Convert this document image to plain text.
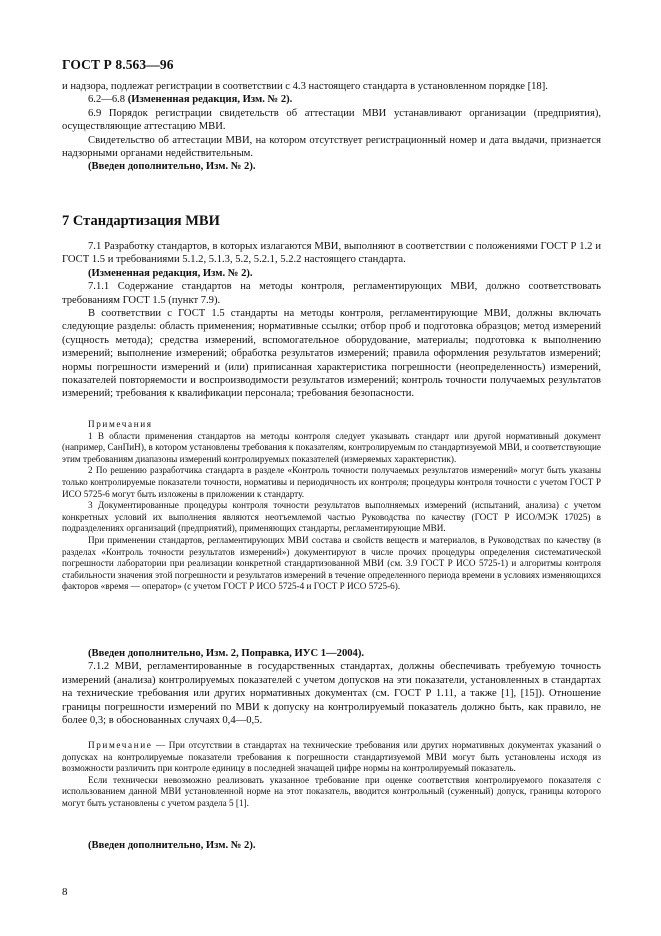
ГОСТ Р 8.563—96

и надзора, подлежат регистрации в соответствии с 4.3 настоящего стандарта в установленном порядке [18].

6.2—6.8 (Измененная редакция, Изм. № 2).

6.9 Порядок регистрации свидетельств об аттестации МВИ устанавливают организации (предприятия), осуществляющие аттестацию МВИ.

Свидетельство об аттестации МВИ, на котором отсутствует регистрационный номер и дата выдачи, признается надзорными органами недействительным.

(Введен дополнительно, Изм. № 2).

7 Стандартизация МВИ

7.1 Разработку стандартов, в которых излагаются МВИ, выполняют в соответствии с положениями ГОСТ Р 1.2 и ГОСТ 1.5 и требованиями 5.1.2, 5.1.3, 5.2, 5.2.1, 5.2.2 настоящего стандарта.

(Измененная редакция, Изм. № 2).

7.1.1 Содержание стандартов на методы контроля, регламентирующих МВИ, должно соответствовать требованиям ГОСТ 1.5 (пункт 7.9).

В соответствии с ГОСТ 1.5 стандарты на методы контроля, регламентирующие МВИ, должны включать следующие разделы: область применения; нормативные ссылки; отбор проб и подготовка образцов; метод измерений (сущность метода); средства измерений, вспомогательное оборудование, материалы; подготовка к выполнению измерений; выполнение измерений; обработка результатов измерений; правила оформления результатов измерений; нормы погрешности измерений и (или) приписанная характеристика погрешности (неопределенность) измерений, показателей повторяемости и воспроизводимости результатов измерений; контроль точности получаемых результатов измерений; требования к квалификации персонала; требования безопасности.

Примечания

1 В области применения стандартов на методы контроля следует указывать стандарт или другой нормативный документ (например, СанПиН), в котором установлены требования к показателям, контролируемым по стандартизуемой МВИ, и соответствующие этим требованиям диапазоны измерений контролируемых показателей (измеряемых характеристик).

2 По решению разработчика стандарта в разделе «Контроль точности получаемых результатов измерений» могут быть указаны только контролируемые показатели точности, нормативы и периодичность их контроля; процедуры контроля точности с учетом ГОСТ Р ИСО 5725-6 могут быть изложены в приложении к стандарту.

3 Документированные процедуры контроля точности результатов выполняемых измерений (испытаний, анализа) с учетом конкретных условий их выполнения являются неотъемлемой частью Руководства по качеству (ГОСТ Р ИСО/МЭК 17025) в подразделениях организаций (предприятий), применяющих стандарты, регламентирующие МВИ.

При применении стандартов, регламентирующих МВИ состава и свойств веществ и материалов, в Руководствах по качеству (в разделах «Контроль точности результатов измерений») документируют в числе прочих процедуры определения систематической погрешности лаборатории при реализации конкретной стандартизованной МВИ (см. 3.9 ГОСТ Р ИСО 5725-1) и алгоритмы контроля стабильности значения этой погрешности и результатов измерений в течение определенного периода времени в условиях изменяющихся факторов «время — оператор» (с учетом ГОСТ Р ИСО 5725-4 и ГОСТ Р ИСО 5725-6).

(Введен дополнительно, Изм. 2, Поправка, ИУС 1—2004).

7.1.2 МВИ, регламентированные в государственных стандартах, должны обеспечивать требуемую точность измерений (анализа) контролируемых показателей с учетом допусков на эти показатели, установленных в стандартах на технические требования или других нормативных документах (см. ГОСТ Р 1.11, а также [1], [15]). Отношение границы погрешности измерений по МВИ к допуску на контролируемый показатель должно быть, как правило, не более 0,3; в обоснованных случаях 0,4—0,5.

Примечание — При отсутствии в стандартах на технические требования или других нормативных документах указаний о допусках на контролируемые показатели требования к погрешности стандартизуемой МВИ могут быть установлены исходя из возможности различить при контроле единицу в последней значащей цифре нормы на контролируемый показатель.

Если технически невозможно реализовать указанное требование при оценке соответствия контролируемого показателя с использованием данной МВИ установленной норме на этот показатель, вводится контрольный (суженный) допуск, границы которого могут быть установлены с учетом раздела 5 [1].

(Введен дополнительно, Изм. № 2).

8
